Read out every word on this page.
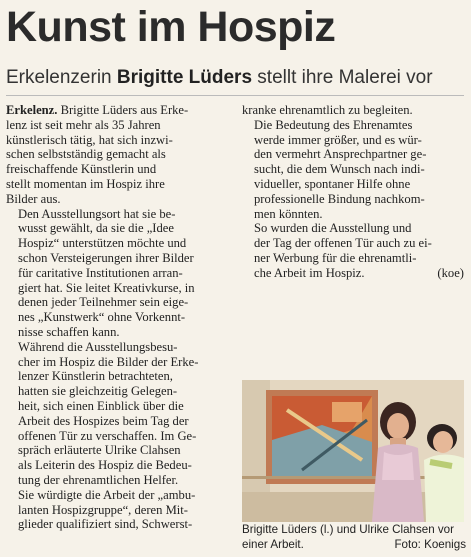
Kunst im Hospiz
Erkelenzerin Brigitte Lüders stellt ihre Malerei vor

Erkelenz. Brigitte Lüders aus Erke-
lenz ist seit mehr als 35 Jahren
künstlerisch tätig, hat sich inzwi-
schen selbstständig gemacht als
freischaffende Künstlerin und
stellt momentan im Hospiz ihre
Bilder aus.

Den Ausstellungsort hat sie be-
wusst gewählt, da sie die „Idee
Hospiz“ unterstützen möchte und
schon Versteigerungen ihrer Bilder
für caritative Institutionen arran-
giert hat. Sie leitet Kreativkurse, in
denen jeder Teilnehmer sein eige-
nes „Kunstwerk“ ohne Vorkennt-
nisse schaffen kann.

Während die Ausstellungsbesu-
cher im Hospiz die Bilder der Erke-
lenzer Künstlerin betrachteten,
hatten sie gleichzeitig Gelegen-
heit, sich einen Einblick über die
Arbeit des Hospizes beim Tag der
offenen Tür zu verschaffen. Im Ge-
spräch erläuterte Ulrike Clahsen
als Leiterin des Hospiz die Bedeu-
tung der ehrenamtlichen Helfer.
Sie würdigte die Arbeit der „ambu-
lanten Hospizgruppe“, deren Mit-
glieder qualifiziert sind, Schwerst-

kranke ehrenamtlich zu begleiten.

Die Bedeutung des Ehrenamtes
werde immer größer, und es wür-
den vermehrt Ansprechpartner ge-
sucht, die dem Wunsch nach indi-
vidueller, spontaner Hilfe ohne
professionelle Bindung nachkom-
men könnten.

So wurden die Ausstellung und
der Tag der offenen Tür auch zu ei-
ner Werbung für die ehrenamtli-
che Arbeit im Hospiz.	(koe)

Brigitte Lüders (l.) und Ulrike Clahsen vor einer Arbeit.	Foto: Koenigs
